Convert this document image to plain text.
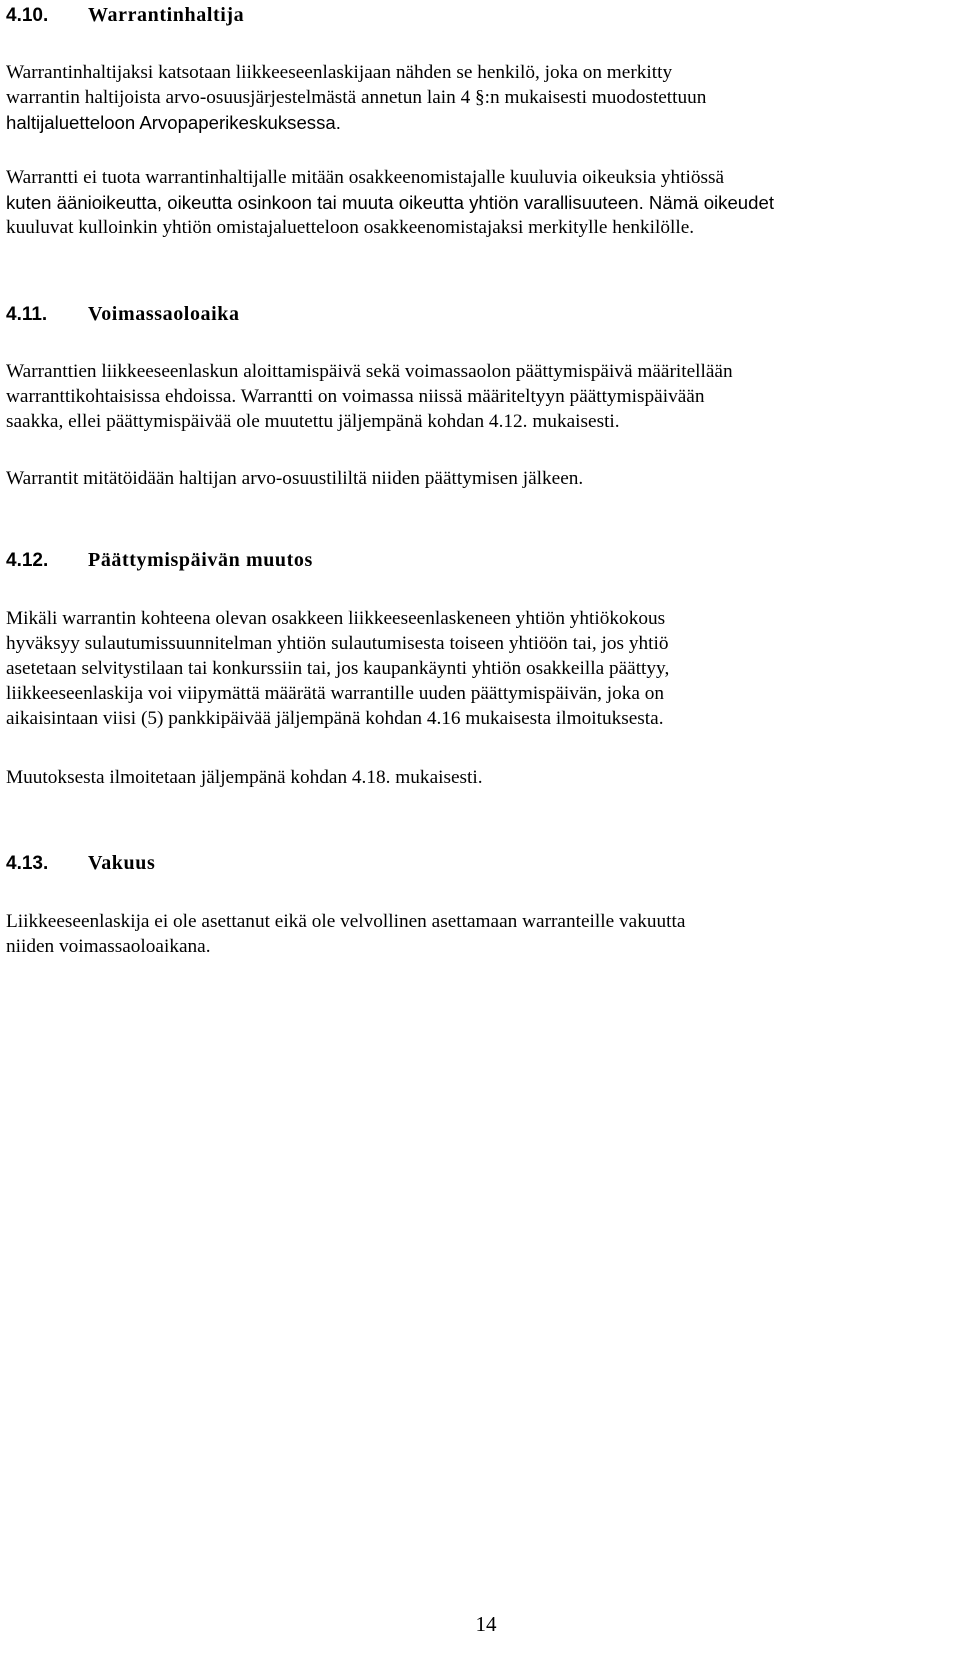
4.10. Warrantinhaltija

Warrantinhaltijaksi katsotaan liikkeeseenlaskijaan nähden se henkilö, joka on merkitty
warrantin haltijoista arvo-osuusjärjestelmästä annetun lain 4 §:n mukaisesti muodostettuun
haltijaluetteloon Arvopaperikeskuksessa.

Warrantti ei tuota warrantinhaltijalle mitään osakkeenomistajalle kuuluvia oikeuksia yhtiössä
kuten äänioikeutta, oikeutta osinkoon tai muuta oikeutta yhtiön varallisuuteen. Nämä oikeudet
kuuluvat kulloinkin yhtiön omistajaluetteloon osakkeenomistajaksi merkitylle henkilölle.

4.11. Voimassaoloaika

Warranttien liikkeeseenlaskun aloittamispäivä sekä voimassaolon päättymispäivä määritellään
warranttikohtaisissa ehdoissa. Warrantti on voimassa niissä määriteltyyn päättymispäivään
saakka, ellei päättymispäivää ole muutettu jäljempänä kohdan 4.12. mukaisesti.

Warrantit mitätöidään haltijan arvo-osuustililtä niiden päättymisen jälkeen.

4.12. Päättymispäivän muutos

Mikäli warrantin kohteena olevan osakkeen liikkeeseenlaskeneen yhtiön yhtiökokous
hyväksyy sulautumissuunnitelman yhtiön sulautumisesta toiseen yhtiöön tai, jos yhtiö
asetetaan selvitystilaan tai konkurssiin tai, jos kaupankäynti yhtiön osakkeilla päättyy,
liikkeeseenlaskija voi viipymättä määrätä warrantille uuden päättymispäivän, joka on
aikaisintaan viisi (5) pankkipäivää jäljempänä kohdan 4.16 mukaisesta ilmoituksesta.

Muutoksesta ilmoitetaan jäljempänä kohdan 4.18. mukaisesti.

4.13. Vakuus

Liikkeeseenlaskija ei ole asettanut eikä ole velvollinen asettamaan warranteille vakuutta
niiden voimassaoloaikana.

14
